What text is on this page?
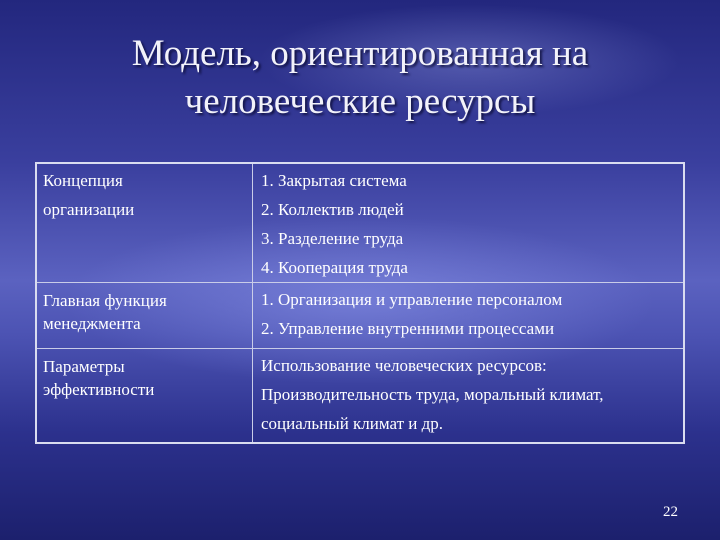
Модель, ориентированная на
человеческие ресурсы
Концепция
организации	1. Закрытая система
2. Коллектив людей
3. Разделение труда
4. Кооперация труда

Главная функция
менеджмента	1. Организация и управление персоналом
2. Управление внутренними процессами

Параметры
эффективности	Использование человеческих ресурсов:
Производительность труда, моральный климат,
социальный климат и др.
22
